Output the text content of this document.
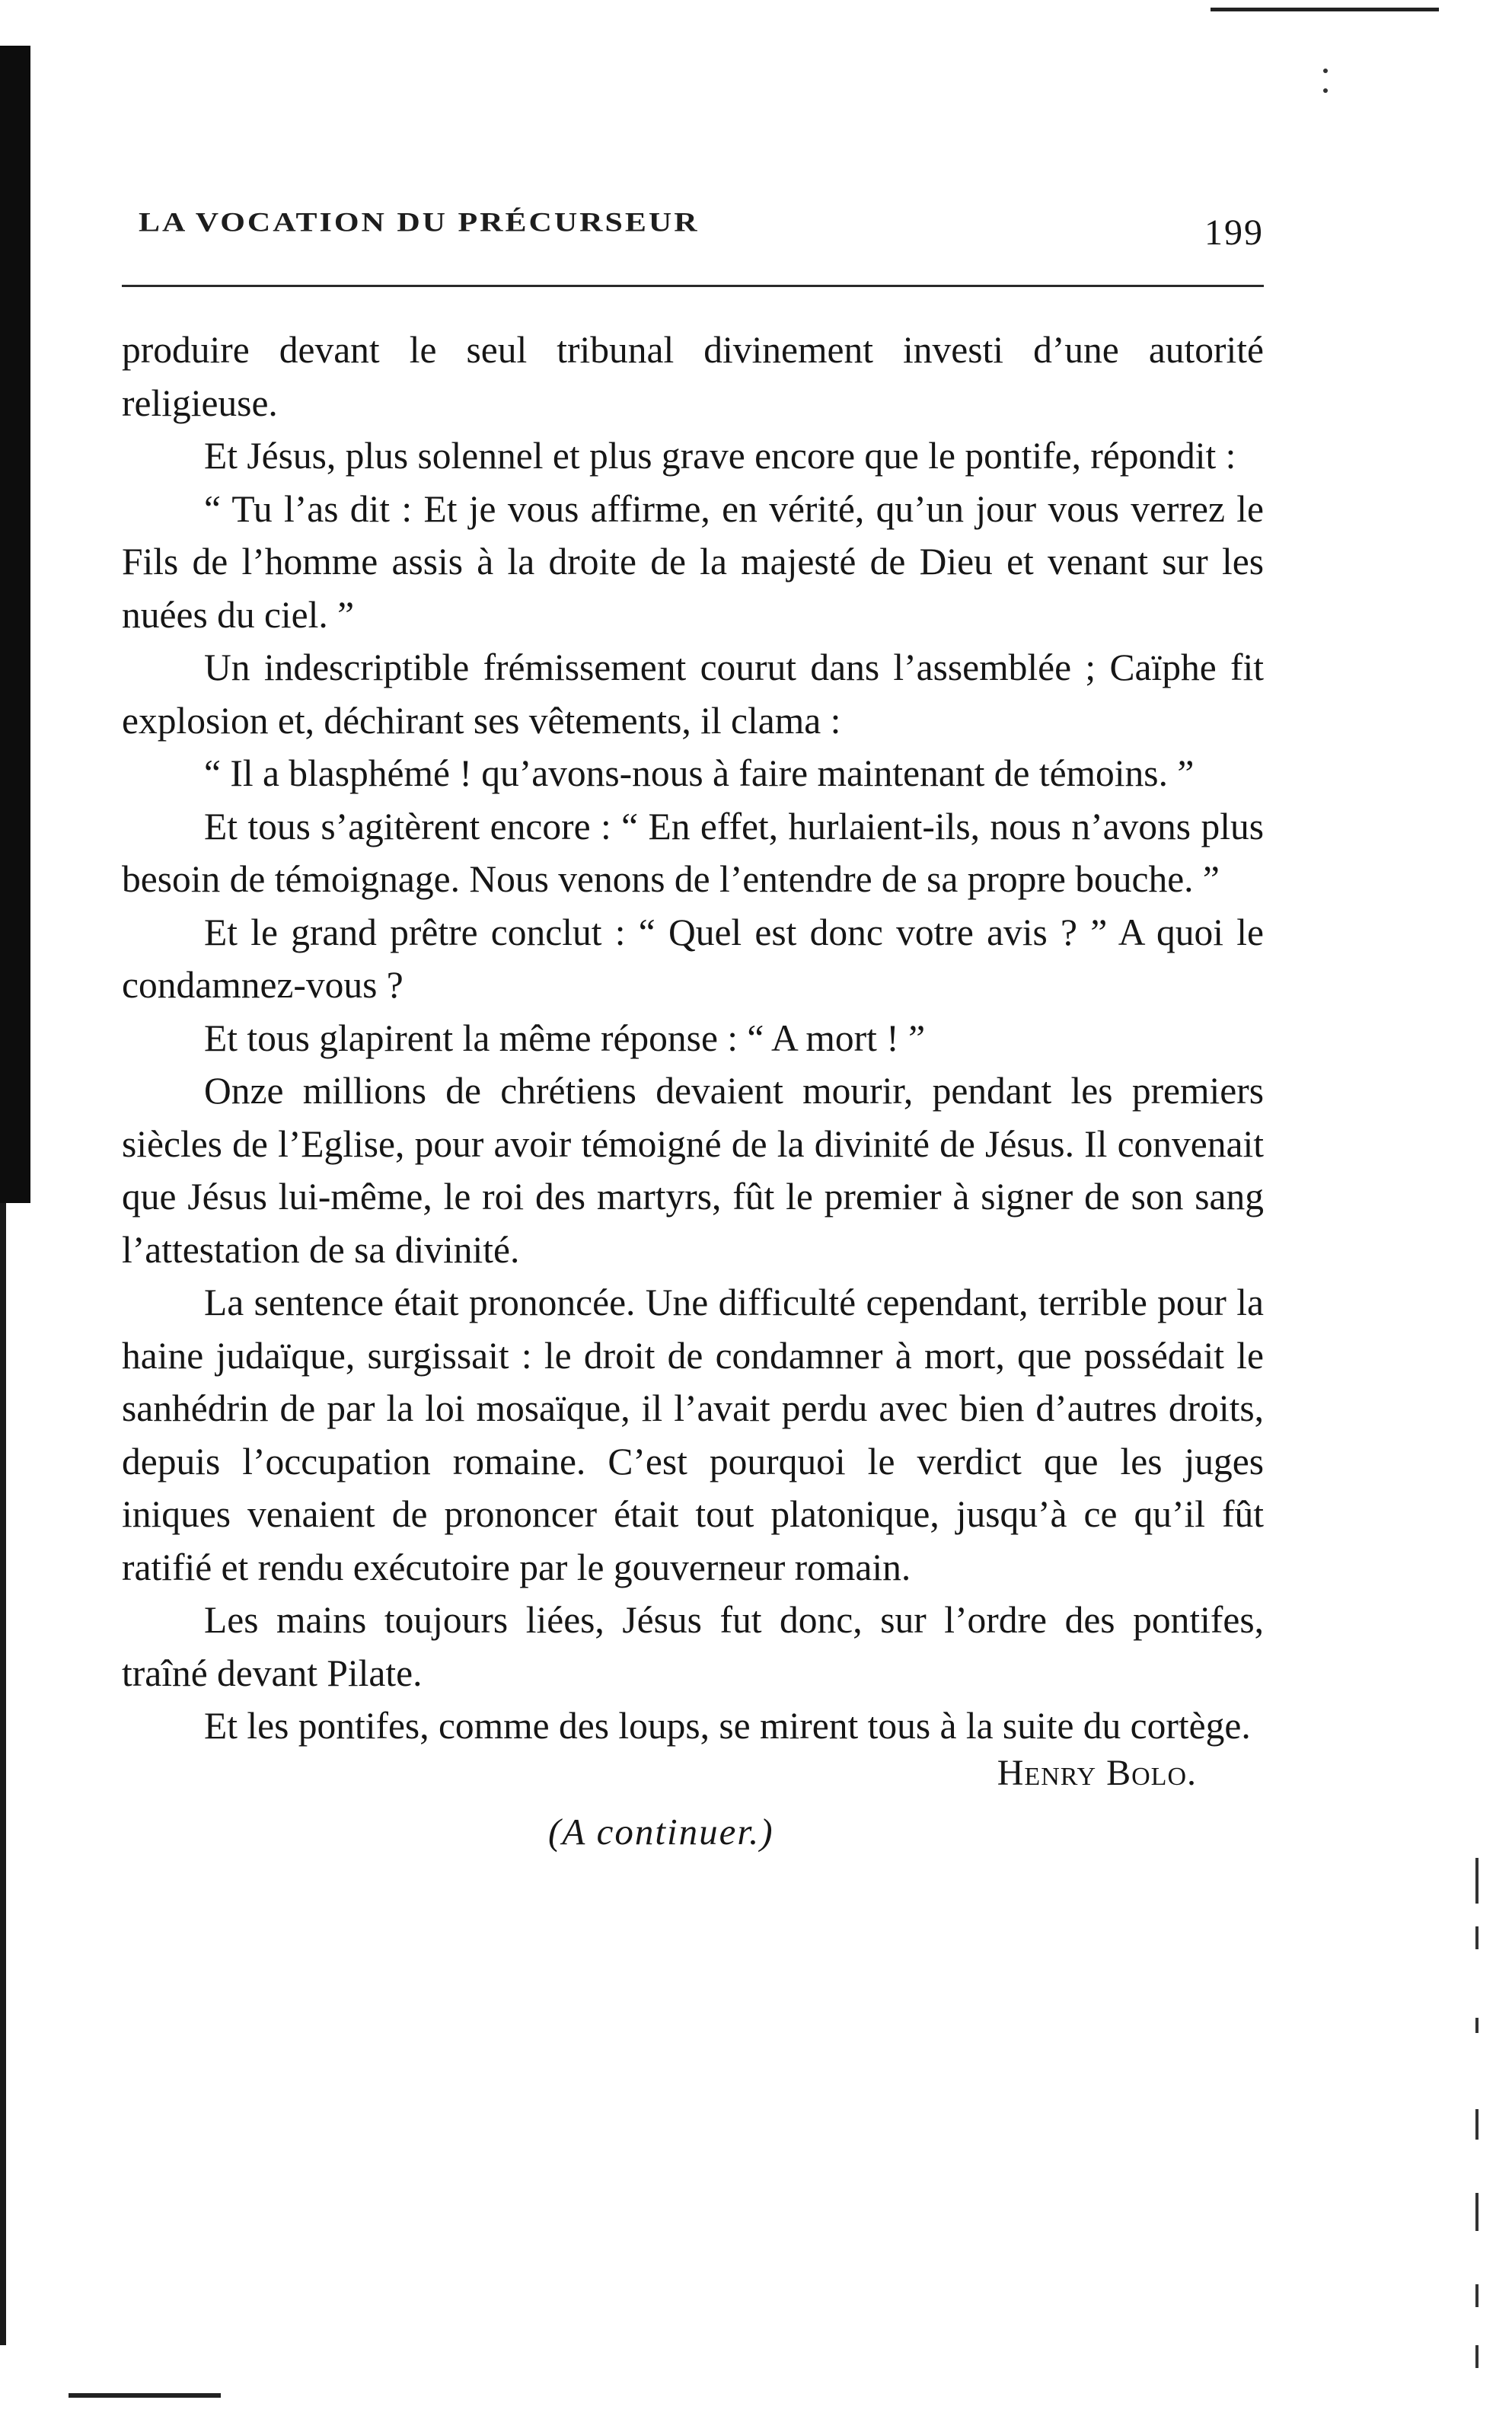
LA VOCATION DU PRÉCURSEUR	199

produire devant le seul tribunal divinement investi d’une autorité religieuse.

Et Jésus, plus solennel et plus grave encore que le pontife, répondit :

“ Tu l’as dit : Et je vous affirme, en vérité, qu’un jour vous verrez le Fils de l’homme assis à la droite de la majesté de Dieu et venant sur les nuées du ciel. ”

Un indescriptible frémissement courut dans l’assemblée ; Caïphe fit explosion et, déchirant ses vêtements, il clama :

“ Il a blasphémé ! qu’avons-nous à faire maintenant de témoins. ”

Et tous s’agitèrent encore : “ En effet, hurlaient-ils, nous n’avons plus besoin de témoignage. Nous venons de l’entendre de sa propre bouche. ”

Et le grand prêtre conclut : “ Quel est donc votre avis ? ” A quoi le condamnez-vous ?

Et tous glapirent la même réponse : “ A mort ! ”

Onze millions de chrétiens devaient mourir, pendant les premiers siècles de l’Eglise, pour avoir témoigné de la divinité de Jésus. Il convenait que Jésus lui-même, le roi des martyrs, fût le premier à signer de son sang l’attestation de sa divinité.

La sentence était prononcée. Une difficulté cependant, terrible pour la haine judaïque, surgissait : le droit de condamner à mort, que possédait le sanhédrin de par la loi mosaïque, il l’avait perdu avec bien d’autres droits, depuis l’occupation romaine. C’est pourquoi le verdict que les juges iniques venaient de prononcer était tout platonique, jusqu’à ce qu’il fût ratifié et rendu exécutoire par le gouverneur romain.

Les mains toujours liées, Jésus fut donc, sur l’ordre des pontifes, traîné devant Pilate.

Et les pontifes, comme des loups, se mirent tous à la suite du cortège.

Henry Bolo.
(A continuer.)
